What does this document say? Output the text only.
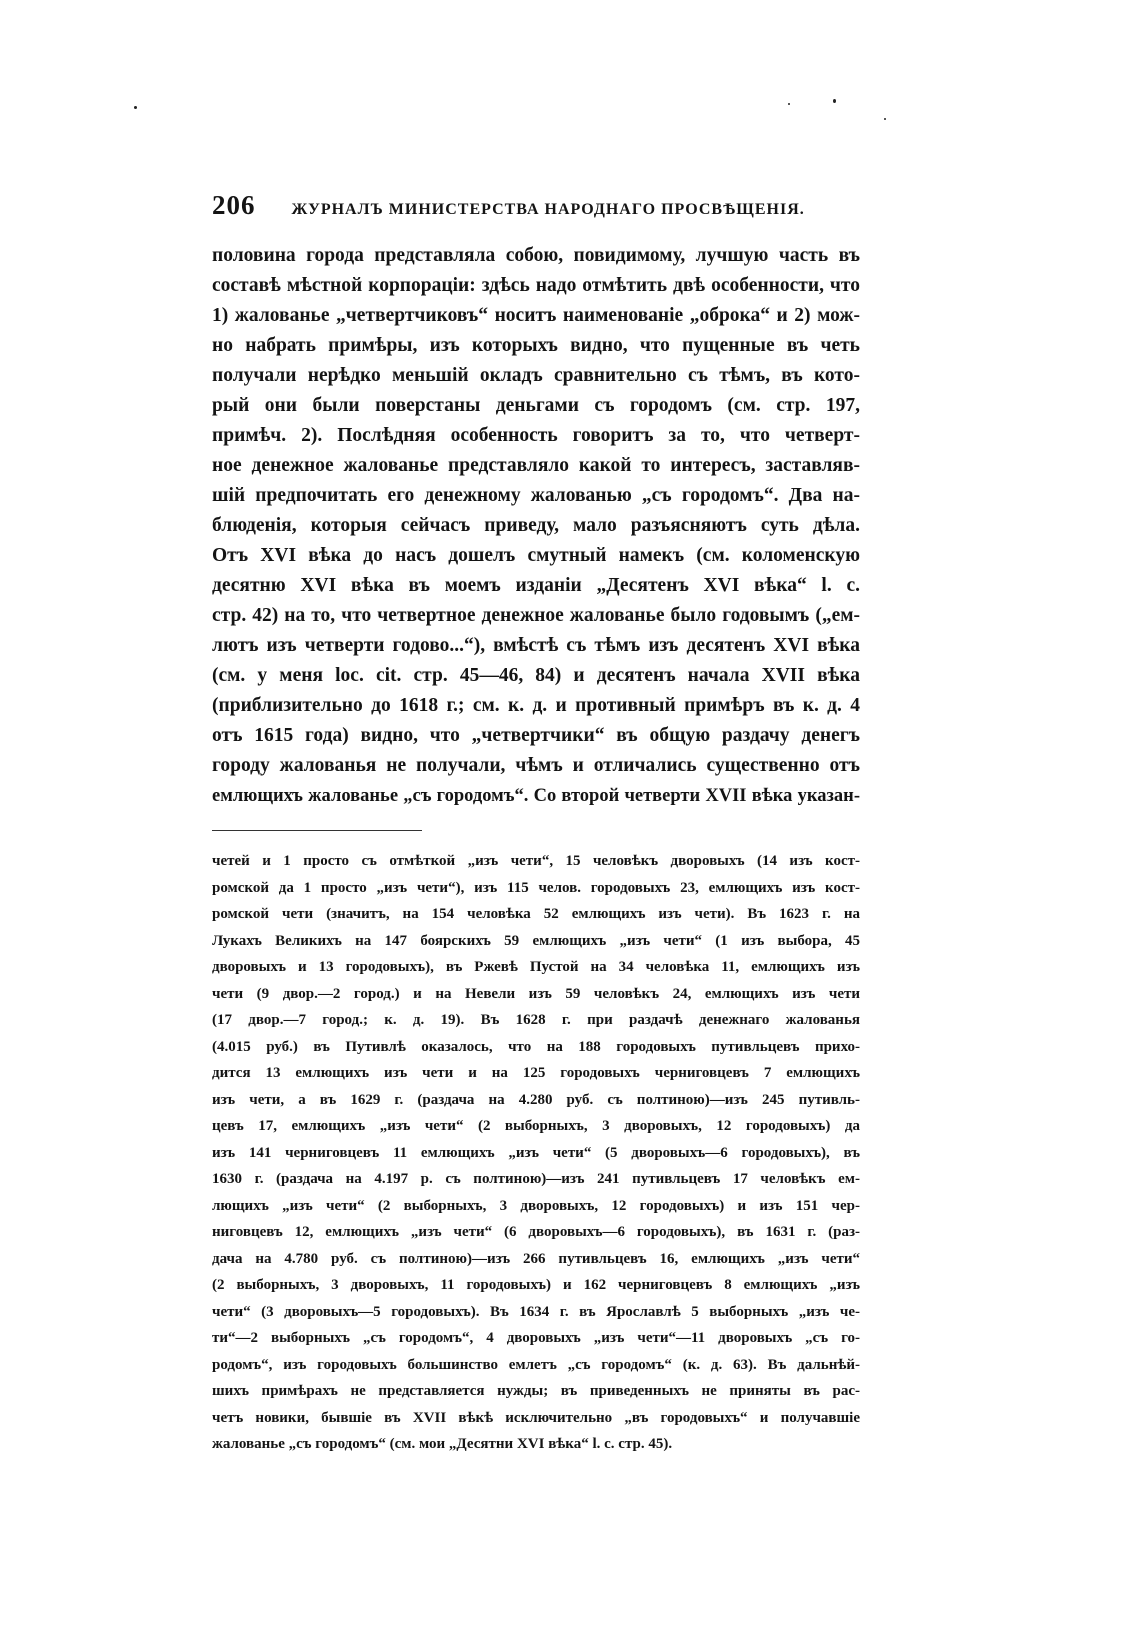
206 ЖУРНАЛЪ МИНИСТЕРСТВА НАРОДНАГО ПРОСВѢЩЕНІЯ.
половина города представляла собою, повидимому, лучшую часть въ
составѣ мѣстной корпораціи: здѣсь надо отмѣтить двѣ особенности, что
1) жалованье „четвертчиковъ“ носитъ наименованіе „оброка“ и 2) мож-
но набрать примѣры, изъ которыхъ видно, что пущенные въ четь
получали нерѣдко меньшій окладъ сравнительно съ тѣмъ, въ кото-
рый они были поверстаны деньгами съ городомъ (см. стр. 197,
примѣч. 2). Послѣдняя особенность говоритъ за то, что четверт-
ное денежное жалованье представляло какой то интересъ, заставляв-
шій предпочитать его денежному жалованью „съ городомъ“. Два на-
блюденія, которыя сейчасъ приведу, мало разъясняютъ суть дѣла.
Отъ XVI вѣка до насъ дошелъ смутный намекъ (см. коломенскую
десятню XVI вѣка въ моемъ изданіи „Десятенъ XVI вѣка“ l. c.
стр. 42) на то, что четвертное денежное жалованье было годовымъ („ем-
лютъ изъ четверти годово...“), вмѣстѣ съ тѣмъ изъ десятенъ XVI вѣка
(см. у меня loc. cit. стр. 45—46, 84) и десятенъ начала XVII вѣка
(приблизительно до 1618 г.; см. к. д. и противный примѣръ въ к. д. 4
отъ 1615 года) видно, что „четвертчики“ въ общую раздачу денегъ
городу жалованья не получали, чѣмъ и отличались существенно отъ
емлющихъ жалованье „съ городомъ“. Со второй четверти XVII вѣка указан-
четей и 1 просто съ отмѣткой „изъ чети“, 15 человѣкъ дворовыхъ (14 изъ кост-
ромской да 1 просто „изъ чети“), изъ 115 челов. городовыхъ 23, емлющихъ изъ кост-
ромской чети (значитъ, на 154 человѣка 52 емлющихъ изъ чети). Въ 1623 г. на
Лукахъ Великихъ на 147 боярскихъ 59 емлющихъ „изъ чети“ (1 изъ выбора, 45
дворовыхъ и 13 городовыхъ), въ Ржевѣ Пустой на 34 человѣка 11, емлющихъ изъ
чети (9 двор.—2 город.) и на Невели изъ 59 человѣкъ 24, емлющихъ изъ чети
(17 двор.—7 город.; к. д. 19). Въ 1628 г. при раздачѣ денежнаго жалованья
(4.015 руб.) въ Путивлѣ оказалось, что на 188 городовыхъ путивльцевъ прихо-
дится 13 емлющихъ изъ чети и на 125 городовыхъ черниговцевъ 7 емлющихъ
изъ чети, а въ 1629 г. (раздача на 4.280 руб. съ полтиною)—изъ 245 путивль-
цевъ 17, емлющихъ „изъ чети“ (2 выборныхъ, 3 дворовыхъ, 12 городовыхъ) да
изъ 141 черниговцевъ 11 емлющихъ „изъ чети“ (5 дворовыхъ—6 городовыхъ), въ
1630 г. (раздача на 4.197 р. съ полтиною)—изъ 241 путивльцевъ 17 человѣкъ ем-
лющихъ „изъ чети“ (2 выборныхъ, 3 дворовыхъ, 12 городовыхъ) и изъ 151 чер-
ниговцевъ 12, емлющихъ „изъ чети“ (6 дворовыхъ—6 городовыхъ), въ 1631 г. (раз-
дача на 4.780 руб. съ полтиною)—изъ 266 путивльцевъ 16, емлющихъ „изъ чети“
(2 выборныхъ, 3 дворовыхъ, 11 городовыхъ) и 162 черниговцевъ 8 емлющихъ „изъ
чети“ (3 дворовыхъ—5 городовыхъ). Въ 1634 г. въ Ярославлѣ 5 выборныхъ „изъ че-
ти“—2 выборныхъ „съ городомъ“, 4 дворовыхъ „изъ чети“—11 дворовыхъ „съ го-
родомъ“, изъ городовыхъ большинство емлетъ „съ городомъ“ (к. д. 63). Въ дальнѣй-
шихъ примѣрахъ не представляется нужды; въ приведенныхъ не приняты въ рас-
четъ новики, бывшіе въ XVII вѣкѣ исключительно „въ городовыхъ“ и получавшіе
жалованье „съ городомъ“ (см. мои „Десятни XVI вѣка“ l. c. стр. 45).
